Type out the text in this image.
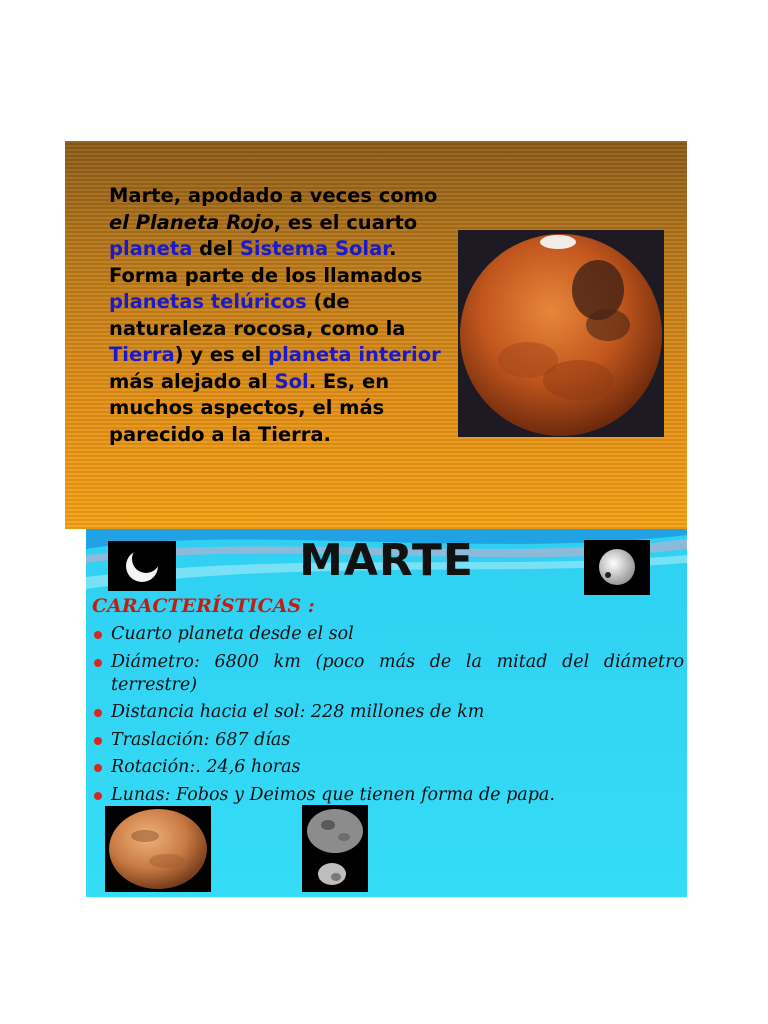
Marte, apodado a veces como el Planeta Rojo, es el cuarto planeta del Sistema Solar. Forma parte de los llamados planetas telúricos (de naturaleza rocosa, como la Tierra) y es el planeta interior más alejado al Sol. Es, en muchos aspectos, el más parecido a la Tierra.

MARTE

CARACTERÍSTICAS :

Cuarto planeta desde el sol
Diámetro: 6800 km (poco más de la mitad del diámetro terrestre)
Distancia hacia el sol: 228 millones de km
Traslación: 687 días
Rotación:. 24,6 horas
Lunas: Fobos y Deimos que tienen forma de papa.
